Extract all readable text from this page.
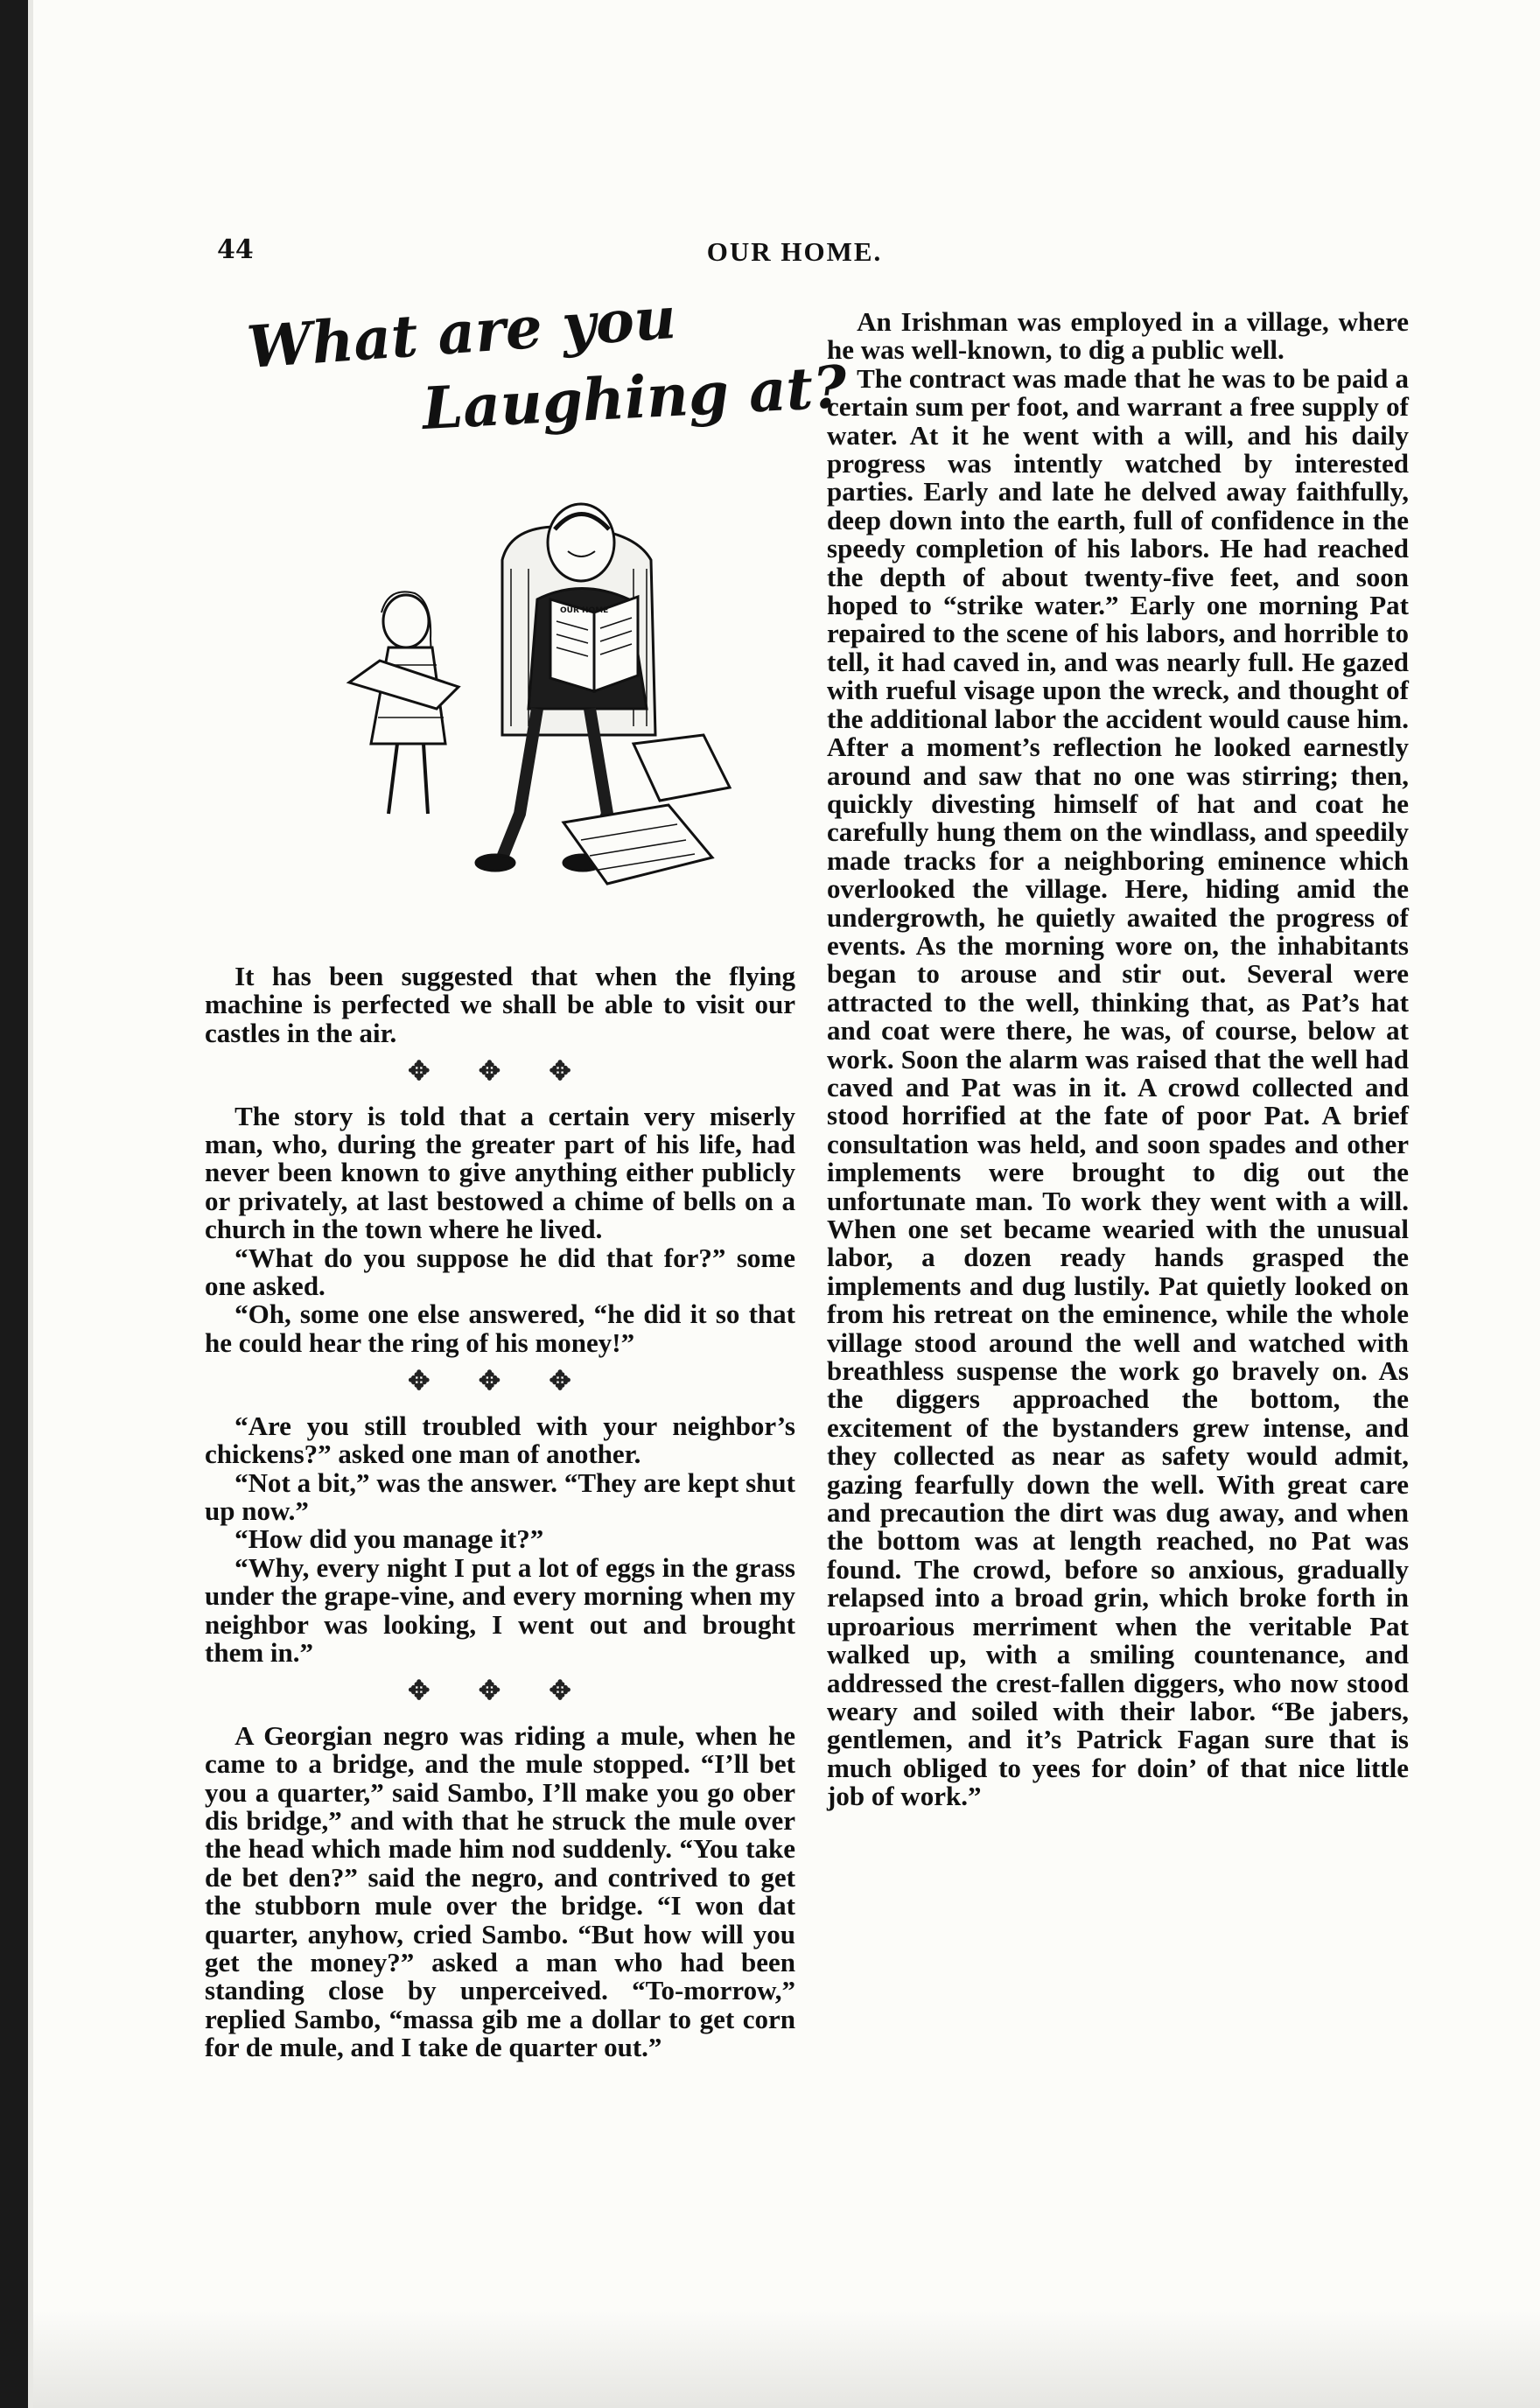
44	OUR HOME.
What are you
Laughing at?
OUR HOME

It has been suggested that when the flying machine is perfected we shall be able to visit our castles in the air.

✥ ✥ ✥

The story is told that a certain very miserly man, who, during the greater part of his life, had never been known to give anything either publicly or privately, at last bestowed a chime of bells on a church in the town where he lived.

“What do you suppose he did that for?” some one asked.

“Oh, some one else answered, “he did it so that he could hear the ring of his money!”

✥ ✥ ✥

“Are you still troubled with your neighbor’s chickens?” asked one man of another.

“Not a bit,” was the answer. “They are kept shut up now.”

“How did you manage it?”

“Why, every night I put a lot of eggs in the grass under the grape-vine, and every morning when my neighbor was looking, I went out and brought them in.”

✥ ✥ ✥

A Georgian negro was riding a mule, when he came to a bridge, and the mule stopped. “I’ll bet you a quarter,” said Sambo, I’ll make you go ober dis bridge,” and with that he struck the mule over the head which made him nod suddenly. “You take de bet den?” said the negro, and contrived to get the stubborn mule over the bridge. “I won dat quarter, anyhow, cried Sambo. “But how will you get the money?” asked a man who had been standing close by unperceived. “To-morrow,” replied Sambo, “massa gib me a dollar to get corn for de mule, and I take de quarter out.”

An Irishman was employed in a village, where he was well-known, to dig a public well.

The contract was made that he was to be paid a certain sum per foot, and warrant a free supply of water. At it he went with a will, and his daily progress was intently watched by interested parties. Early and late he delved away faithfully, deep down into the earth, full of confidence in the speedy completion of his labors. He had reached the depth of about twenty-five feet, and soon hoped to “strike water.” Early one morning Pat repaired to the scene of his labors, and horrible to tell, it had caved in, and was nearly full. He gazed with rueful visage upon the wreck, and thought of the additional labor the accident would cause him. After a moment’s reflection he looked earnestly around and saw that no one was stirring; then, quickly divesting himself of hat and coat he carefully hung them on the windlass, and speedily made tracks for a neighboring eminence which overlooked the village. Here, hiding amid the undergrowth, he quietly awaited the progress of events. As the morning wore on, the inhabitants began to arouse and stir out. Several were attracted to the well, thinking that, as Pat’s hat and coat were there, he was, of course, below at work. Soon the alarm was raised that the well had caved and Pat was in it. A crowd collected and stood horrified at the fate of poor Pat. A brief consultation was held, and soon spades and other implements were brought to dig out the unfortunate man. To work they went with a will. When one set became wearied with the unusual labor, a dozen ready hands grasped the implements and dug lustily. Pat quietly looked on from his retreat on the eminence, while the whole village stood around the well and watched with breathless suspense the work go bravely on. As the diggers approached the bottom, the excitement of the bystanders grew intense, and they collected as near as safety would admit, gazing fearfully down the well. With great care and precaution the dirt was dug away, and when the bottom was at length reached, no Pat was found. The crowd, before so anxious, gradually relapsed into a broad grin, which broke forth in uproarious merriment when the veritable Pat walked up, with a smiling countenance, and addressed the crest-fallen diggers, who now stood weary and soiled with their labor. “Be jabers, gentlemen, and it’s Patrick Fagan sure that is much obliged to yees for doin’ of that nice little job of work.”
